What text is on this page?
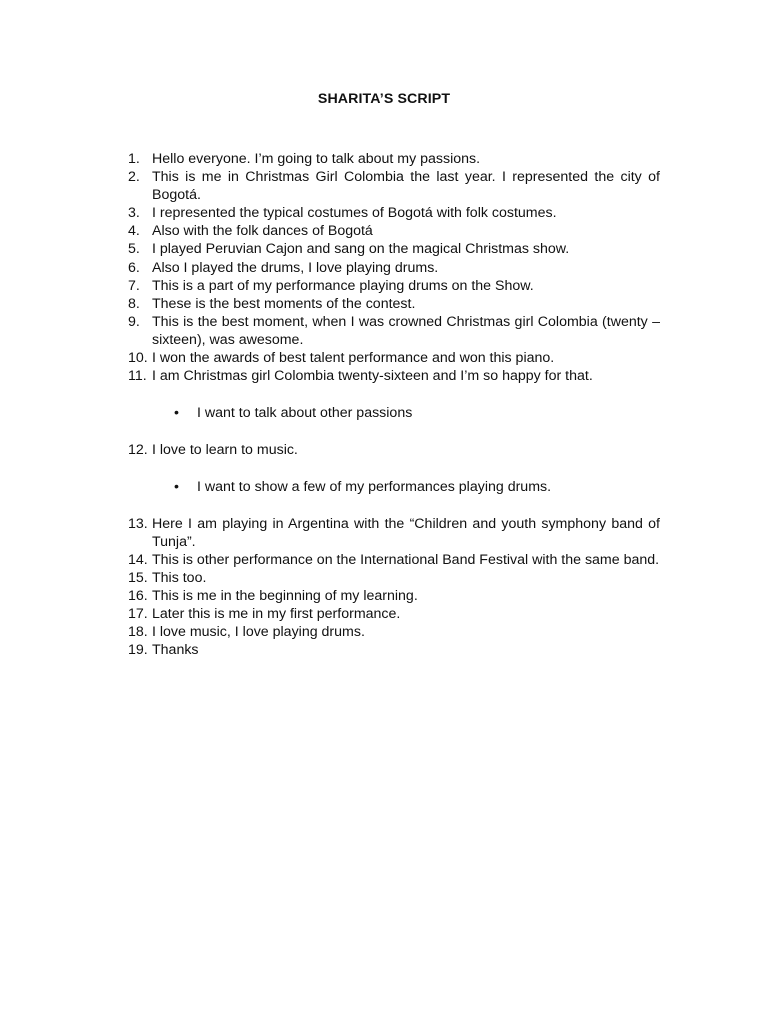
SHARITA’S SCRIPT
1. Hello everyone. I’m going to talk about my passions.
2. This is me in Christmas Girl Colombia the last year. I represented the city of Bogotá.
3. I represented the typical costumes of Bogotá with folk costumes.
4. Also with the folk dances of Bogotá
5. I played Peruvian Cajon and sang on the magical Christmas show.
6. Also I played the drums, I love playing drums.
7. This is a part of my performance playing drums on the Show.
8. These is the best moments of the contest.
9. This is the best moment, when I was crowned Christmas girl Colombia (twenty – sixteen), was awesome.
10. I won the awards of best talent performance and won this piano.
11. I am Christmas girl Colombia twenty-sixteen and I’m so happy for that.
• I want to talk about other passions
12. I love to learn to music.
• I want to show a few of my performances playing drums.
13. Here I am playing in Argentina with the “Children and youth symphony band of Tunja”.
14. This is other performance on the International Band Festival with the same band.
15. This too.
16. This is me in the beginning of my learning.
17. Later this is me in my first performance.
18. I love music, I love playing drums.
19. Thanks
